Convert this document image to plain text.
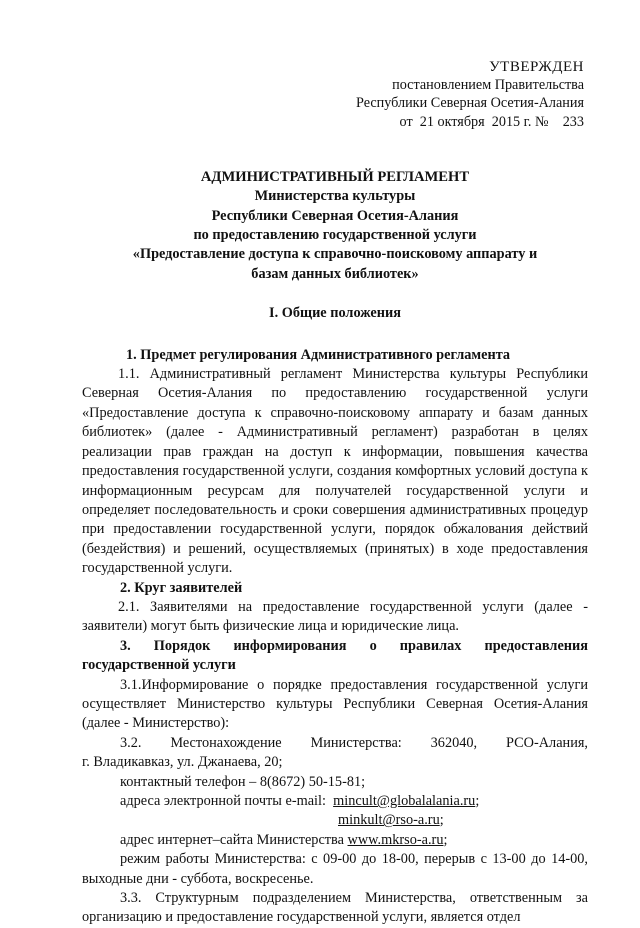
УТВЕРЖДЕН
постановлением Правительства
Республики Северная Осетия-Алания
от  21 октября  2015 г. №    233
АДМИНИСТРАТИВНЫЙ РЕГЛАМЕНТ
Министерства культуры
Республики Северная Осетия-Алания
по предоставлению государственной услуги
«Предоставление доступа к справочно-поисковому аппарату и
базам данных библиотек»
I. Общие положения
1. Предмет регулирования Административного регламента

1.1. Административный регламент Министерства культуры Республики Северная Осетия-Алания по предоставлению государственной услуги «Предоставление доступа к справочно-поисковому аппарату и базам данных библиотек» (далее - Административный регламент) разработан в целях реализации прав граждан на доступ к информации, повышения качества предоставления государственной услуги, создания комфортных условий доступа к информационным ресурсам для получателей государственной услуги и определяет последовательность и сроки совершения административных процедур при предоставлении государственной услуги, порядок обжалования действий (бездействия) и решений, осуществляемых (принятых) в ходе предоставления государственной услуги.

2. Круг заявителей

2.1. Заявителями на предоставление государственной услуги (далее - заявители) могут быть физические лица и юридические лица.

3. Порядок информирования о правилах предоставления
государственной услуги

3.1.Информирование о порядке предоставления государственной услуги осуществляет Министерство культуры Республики Северная Осетия-Алания (далее - Министерство):

3.2. Местонахождение Министерства: 362040, РСО-Алания,
г. Владикавказ, ул. Джанаева, 20;
контактный телефон – 8(8672) 50-15-81;
адреса электронной почты e-mail:  mincult@globalalania.ru;
minkult@rso-a.ru;
адрес интернет–сайта Министерства www.mkrso-a.ru;

режим работы Министерства: с 09-00 до 18-00, перерыв с 13-00 до 14-00, выходные дни - суббота, воскресенье.

3.3. Структурным подразделением Министерства, ответственным за организацию и предоставление государственной услуги, является отдел
